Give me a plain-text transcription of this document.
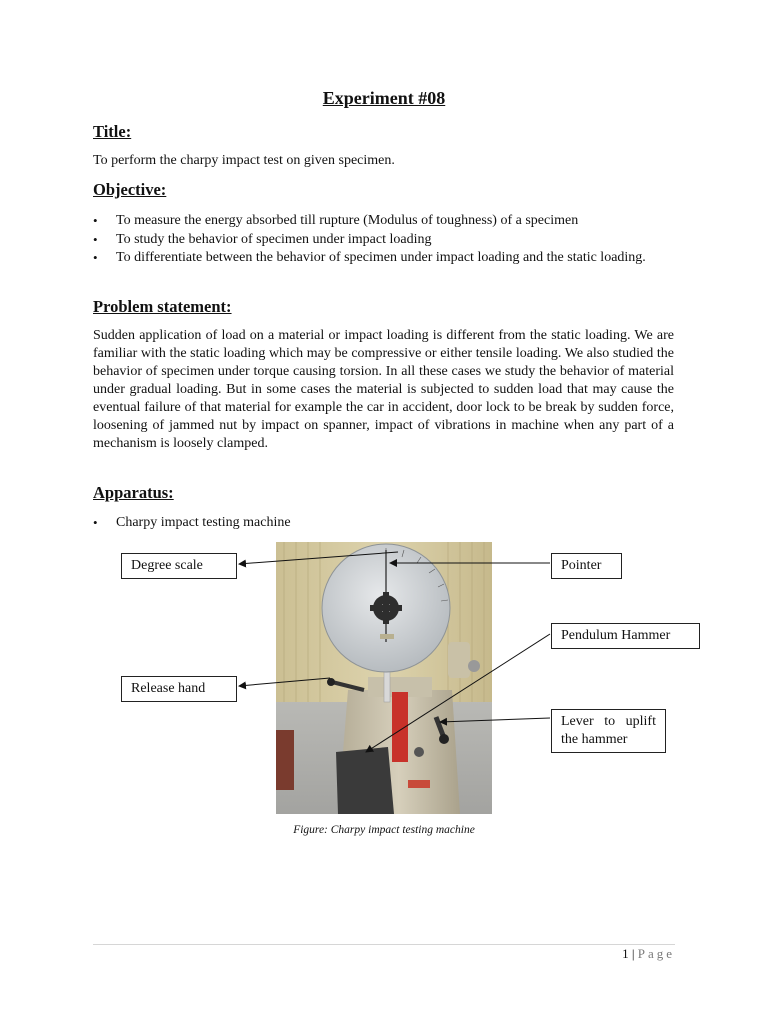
Experiment #08
Title:
To perform the charpy impact test on given specimen.
Objective:
• To measure the energy absorbed till rupture (Modulus of toughness) of a specimen
• To study the behavior of specimen under impact loading
• To differentiate between the behavior of specimen under impact loading and the static loading.
Problem statement:
Sudden application of load on a material or impact loading is different from the static loading. We are familiar with the static loading which may be compressive or either tensile loading. We also studied the behavior of specimen under torque causing torsion. In all these cases we study the behavior of material under gradual loading. But in some cases the material is subjected to sudden load that may cause the eventual failure of that material for example the car in accident, door lock to be break by sudden force, loosening of jammed nut by impact on spanner, impact of vibrations in machine when any part of a mechanism is loosely clamped.
Apparatus:
• Charpy impact testing machine
Degree scale	Pointer
Pendulum Hammer
Release hand
Lever to uplift
the hammer
Figure: Charpy impact testing machine
1 | Page
